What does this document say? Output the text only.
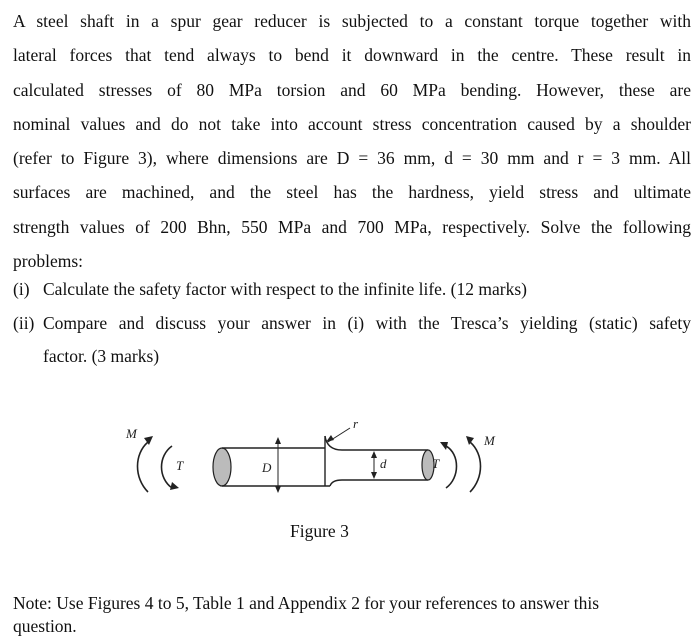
A steel shaft in a spur gear reducer is subjected to a constant torque together with
lateral forces that tend always to bend it downward in the centre. These result in
calculated stresses of 80 MPa torsion and 60 MPa bending. However, these are
nominal values and do not take into account stress concentration caused by a shoulder
(refer to Figure 3), where dimensions are D = 36 mm, d = 30 mm and r = 3 mm. All
surfaces are machined, and the steel has the hardness, yield stress and ultimate
strength values of 200 Bhn, 550 MPa and 700 MPa, respectively. Solve the following
problems:
(i) Calculate the safety factor with respect to the infinite life. (12 marks)
(ii) Compare and discuss your answer in (i) with the Tresca’s yielding (static) safety
factor. (3 marks)
M
T	D
r
d	T
M
Figure 3
Note: Use Figures 4 to 5, Table 1 and Appendix 2 for your references to answer this
question.
